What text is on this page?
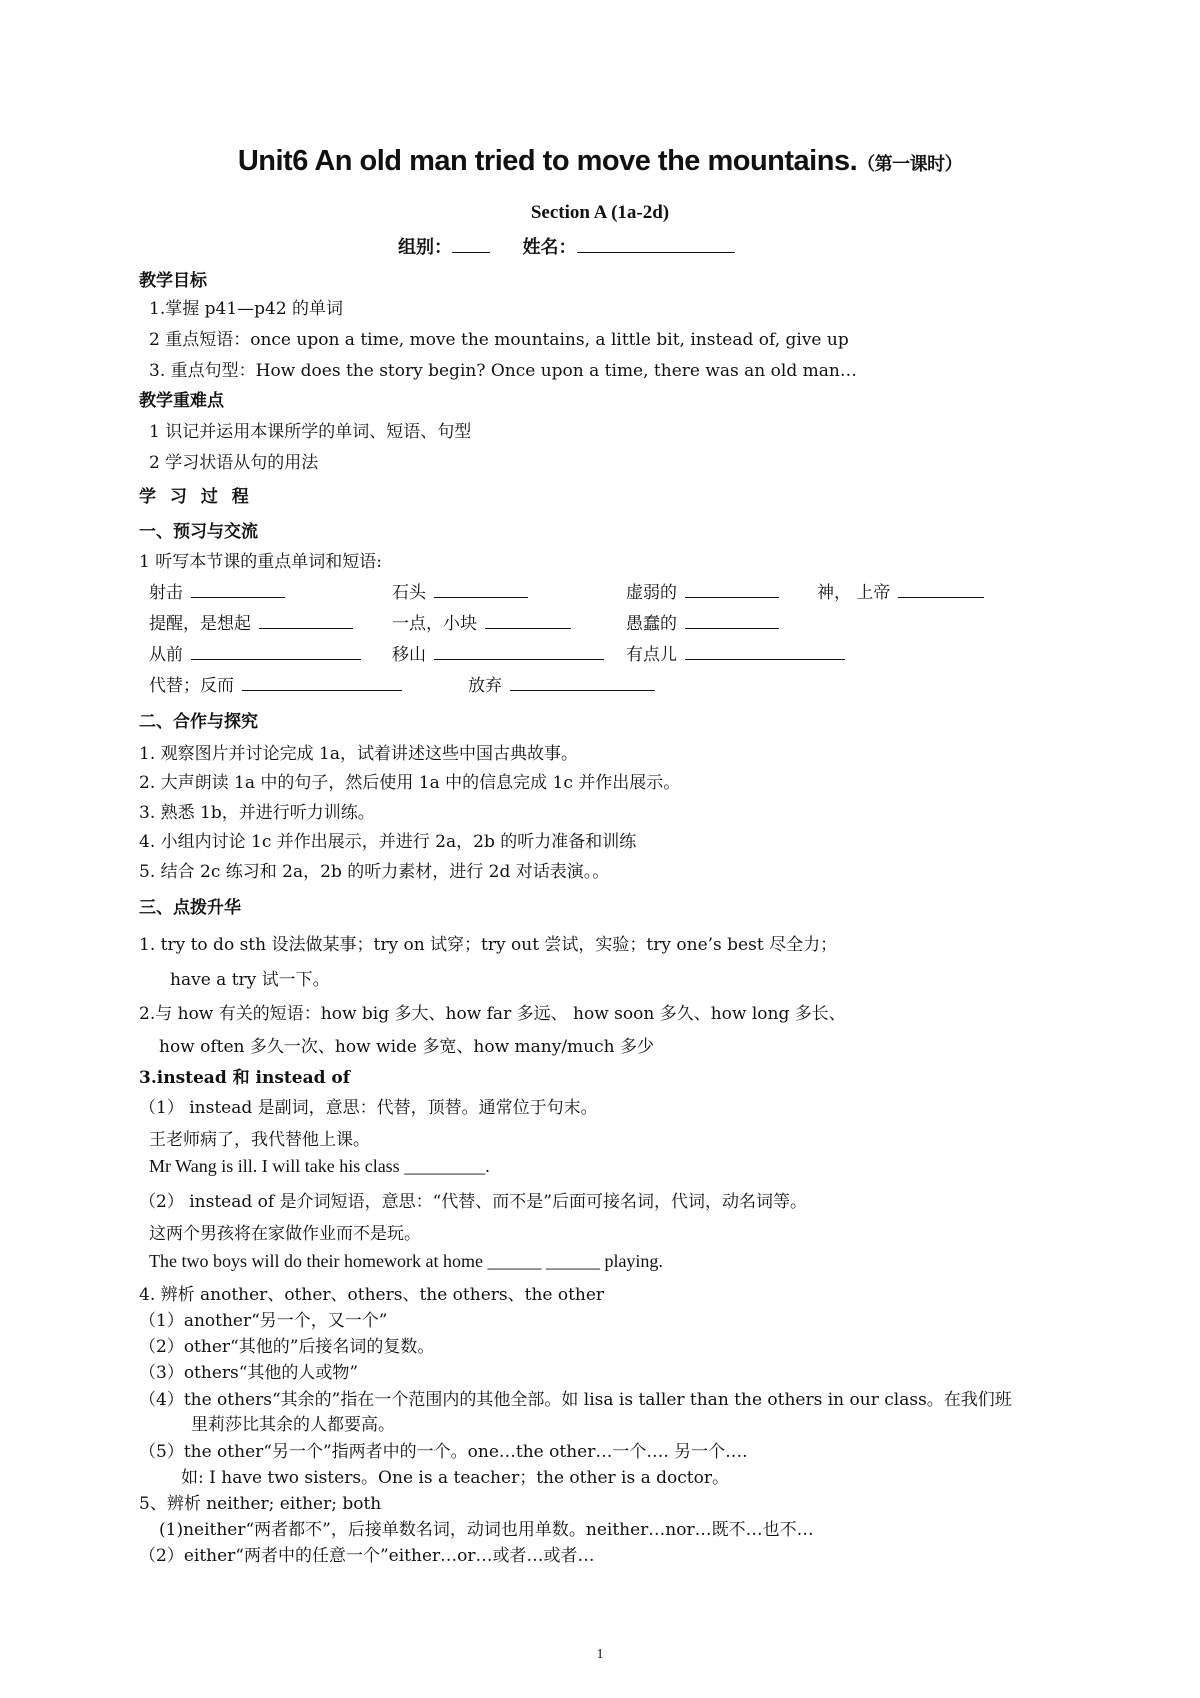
Unit6 An old man tried to move the mountains.（第一课时）
Section A (1a-2d)
组别：	姓名：
教学目标
1.掌握 p41—p42 的单词
2 重点短语：once upon a time, move the mountains, a little bit, instead of, give up
3. 重点句型：How does the story begin? Once upon a time, there was an old man…
教学重难点
1 识记并运用本课所学的单词、短语、句型
2 学习状语从句的用法
学 习 过 程
一、预习与交流
1 听写本节课的重点单词和短语:
射击	石头	虚弱的	神， 上帝
提醒，是想起	一点，小块	愚蠢的
从前	移山	有点儿
代替；反而	放弃
二、合作与探究
1. 观察图片并讨论完成 1a，试着讲述这些中国古典故事。
2. 大声朗读 1a 中的句子，然后使用 1a 中的信息完成 1c 并作出展示。
3. 熟悉 1b，并进行听力训练。
4. 小组内讨论 1c 并作出展示，并进行 2a，2b 的听力准备和训练
5. 结合 2c 练习和 2a，2b 的听力素材，进行 2d 对话表演。。
三、点拨升华
1. try to do sth 设法做某事；try on 试穿；try out 尝试，实验；try one’s best 尽全力；
have a try 试一下。
2.与 how 有关的短语：how big 多大、how far 多远、 how soon 多久、how long 多长、
how often 多久一次、how wide 多宽、how many/much 多少
3.instead 和 instead of
（1） instead 是副词，意思：代替，顶替。通常位于句末。
王老师病了，我代替他上课。
Mr Wang is ill. I will take his class _________.
（2） instead of 是介词短语，意思：“代替、而不是”后面可接名词，代词，动名词等。
这两个男孩将在家做作业而不是玩。
The two boys will do their homework at home ______ ______ playing.
4. 辨析 another、other、others、the others、the other
（1）another“另一个，又一个”
（2）other“其他的”后接名词的复数。
（3）others“其他的人或物”
（4）the others“其余的”指在一个范围内的其他全部。如 lisa is taller than the others in our class。在我们班
里莉莎比其余的人都要高。
（5）the other“另一个”指两者中的一个。one…the other…一个…. 另一个….
如: I have two sisters。One is a teacher；the other is a doctor。
5、辨析 neither; either; both
(1)neither“两者都不”，后接单数名词，动词也用单数。neither…nor…既不…也不…
（2）either“两者中的任意一个”either…or…或者…或者…
1
